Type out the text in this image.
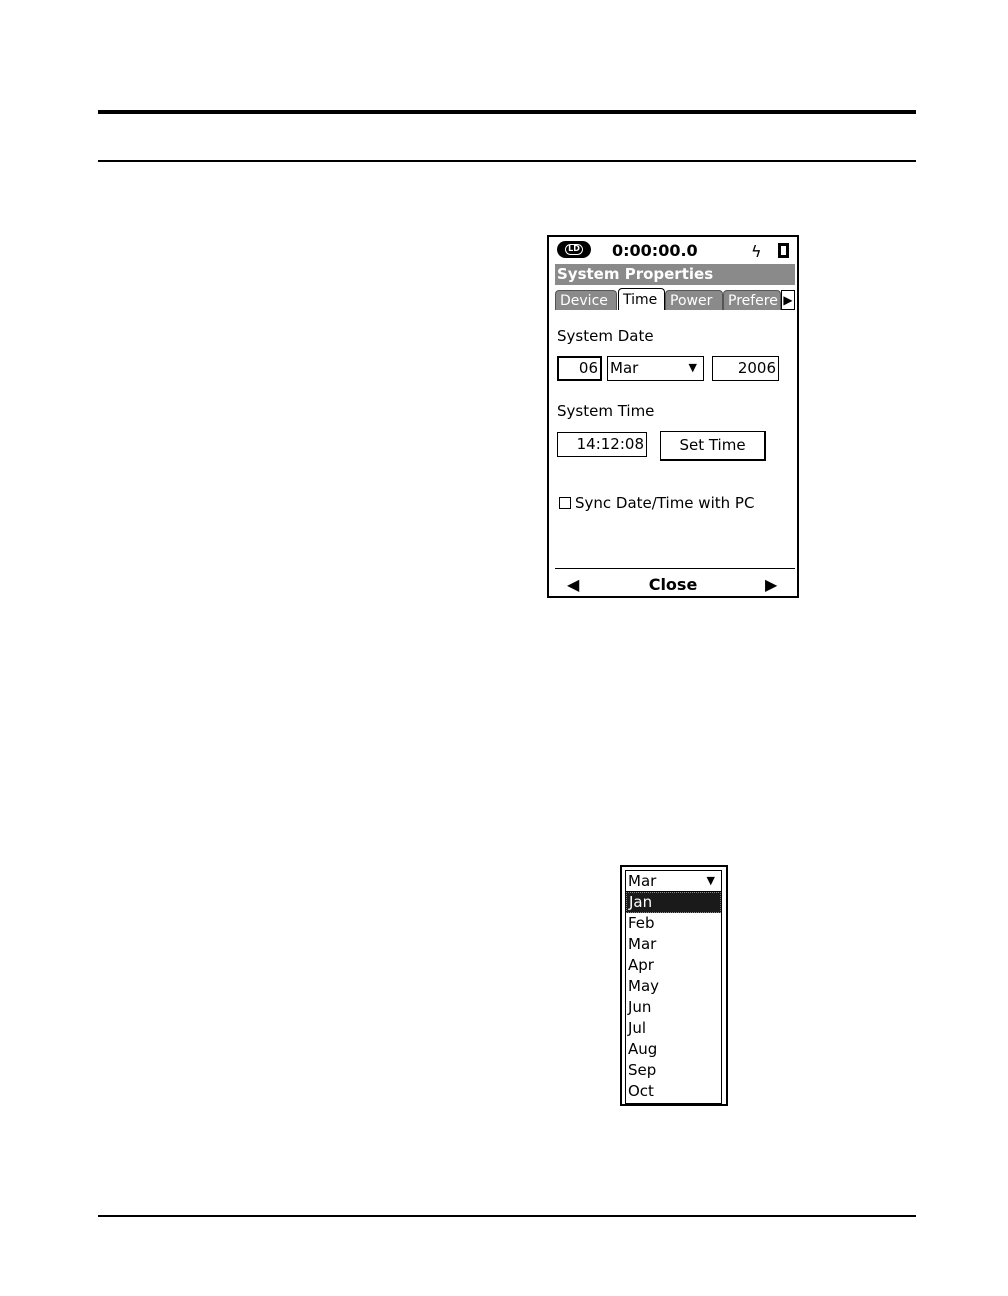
LD 0:00:00.0	ϟ
System Properties
Device	Time Power	Prefere ▶
System Date
06 Mar	▼	2006
System Time
14:12:08	Set Time
Sync Date/Time with PC
◀	Close	▶
Mar	▼
Jan
Feb
Mar
Apr
May
Jun
Jul
Aug
Sep
Oct
